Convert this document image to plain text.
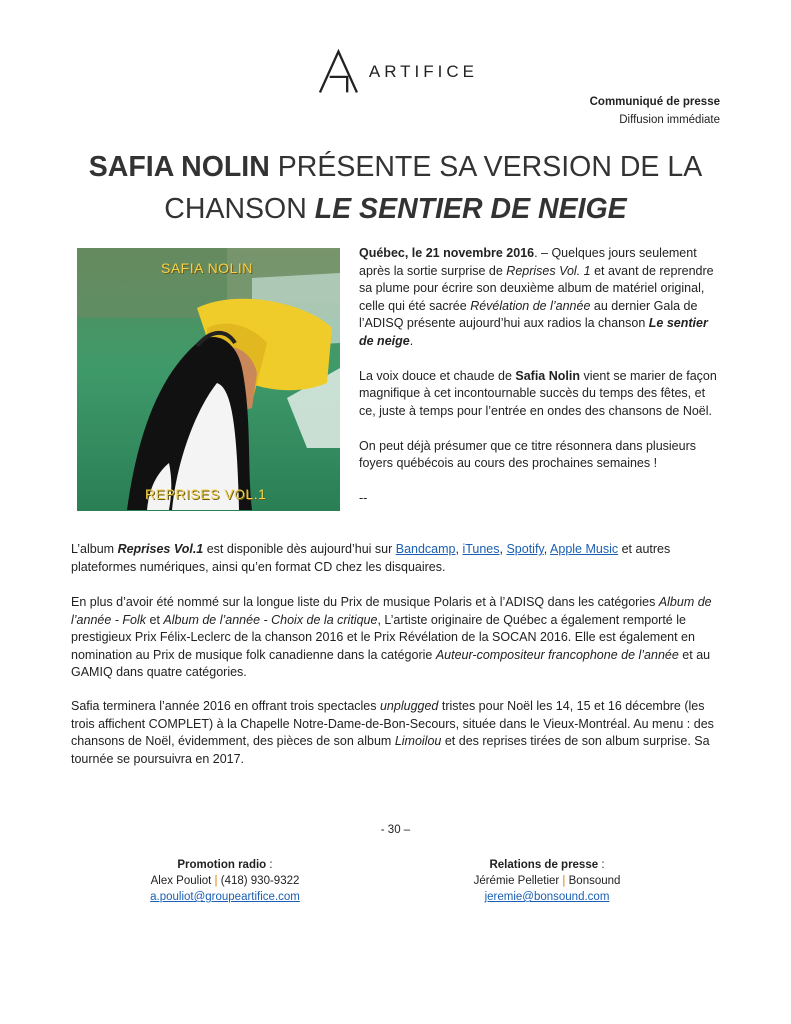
ARTIFICE
Communiqué de presse
Diffusion immédiate
SAFIA NOLIN PRÉSENTE SA VERSION DE LA
CHANSON LE SENTIER DE NEIGE
SAFIA NOLIN
REPRISES VOL.1

Québec, le 21 novembre 2016. – Quelques jours seulement après la sortie surprise de Reprises Vol. 1 et avant de reprendre sa plume pour écrire son deuxième album de matériel original, celle qui été sacrée Révélation de l’année au dernier Gala de l’ADISQ présente aujourd’hui aux radios la chanson Le sentier de neige.

La voix douce et chaude de Safia Nolin vient se marier de façon magnifique à cet incontournable succès du temps des fêtes, et ce, juste à temps pour l’entrée en ondes des chansons de Noël.

On peut déjà présumer que ce titre résonnera dans plusieurs foyers québécois au cours des prochaines semaines !

--

L’album Reprises Vol.1 est disponible dès aujourd’hui sur Bandcamp, iTunes, Spotify, Apple Music et autres plateformes numériques, ainsi qu’en format CD chez les disquaires.

En plus d’avoir été nommé sur la longue liste du Prix de musique Polaris et à l’ADISQ dans les catégories Album de l’année - Folk et Album de l’année - Choix de la critique, L’artiste originaire de Québec a également remporté le prestigieux Prix Félix-Leclerc de la chanson 2016 et le Prix Révélation de la SOCAN 2016. Elle est également en nomination au Prix de musique folk canadienne dans la catégorie Auteur-compositeur francophone de l’année et au GAMIQ dans quatre catégories.

Safia terminera l’année 2016 en offrant trois spectacles unplugged tristes pour Noël les 14, 15 et 16 décembre (les trois affichent COMPLET) à la Chapelle Notre-Dame-de-Bon-Secours, située dans le Vieux-Montréal. Au menu : des chansons de Noël, évidemment, des pièces de son album Limoilou et des reprises tirées de son album surprise. Sa tournée se poursuivra en 2017.

- 30 –
Promotion radio :
Alex Pouliot | (418) 930-9322
a.pouliot@groupeartifice.com
Relations de presse :
Jérémie Pelletier | Bonsound
jeremie@bonsound.com
